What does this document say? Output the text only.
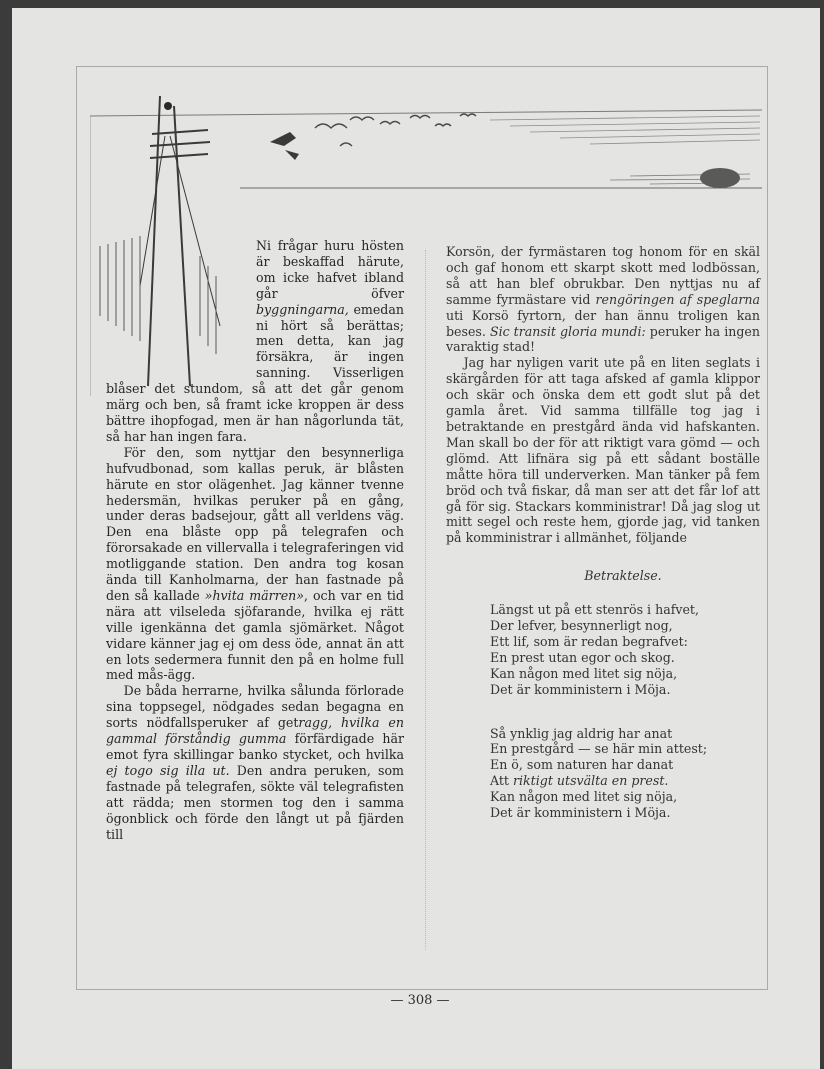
Ni frågar huru hösten är beskaffad härute, om icke hafvet ibland går öfver byggningarna, emedan ni hört så berättas; men detta, kan jag försäkra, är ingen sanning. Visserligen blåser det stundom, så att det går genom märg och ben, så framt icke kroppen är dess bättre ihopfogad, men är han någorlunda tät, så har han ingen fara.

För den, som nyttjar den besynnerliga hufvudbonad, som kallas peruk, är blåsten härute en stor olägenhet. Jag känner tvenne hedersmän, hvilkas peruker på en gång, under deras badsejour, gått all verldens väg. Den ena blåste opp på telegrafen och förorsakade en villervalla i telegraferingen vid motliggande station. Den andra tog kosan ända till Kanholmarna, der han fastnade på den så kallade »hvita märren», och var en tid nära att vilseleda sjöfarande, hvilka ej rätt ville igenkänna det gamla sjömärket. Något vidare känner jag ej om dess öde, annat än att en lots sedermera funnit den på en holme full med mås-ägg.

De båda herrarne, hvilka sålunda förlorade sina toppsegel, nödgades sedan begagna en sorts nödfallsperuker af getragg, hvilka en gammal förståndig gumma förfärdigade här emot fyra skillingar banko stycket, och hvilka ej togo sig illa ut. Den andra peruken, som fastnade på telegrafen, sökte väl telegrafisten att rädda; men stormen tog den i samma ögonblick och förde den långt ut på fjärden till

Korsön, der fyrmästaren tog honom för en skäl och gaf honom ett skarpt skott med lodbössan, så att han blef obrukbar. Den nyttjas nu af samme fyrmästare vid rengöringen af speglarna uti Korsö fyrtorn, der han ännu troligen kan beses. Sic transit gloria mundi: peruker ha ingen varaktig stad!

Jag har nyligen varit ute på en liten seglats i skärgården för att taga afsked af gamla klippor och skär och önska dem ett godt slut på det gamla året. Vid samma tillfälle tog jag i betraktande en prestgård ända vid hafskanten. Man skall bo der för att riktigt vara gömd — och glömd. Att lifnära sig på ett sådant boställe måtte höra till underverken. Man tänker på fem bröd och två fiskar, då man ser att det får lof att gå för sig. Stackars komministrar! Då jag slog ut mitt segel och reste hem, gjorde jag, vid tanken på komministrar i allmänhet, följande

Betraktelse.

Längst ut på ett stenrös i hafvet,
Der lefver, besynnerligt nog,
Ett lif, som är redan begrafvet:
En prest utan egor och skog.
Kan någon med litet sig nöja,
Det är komministern i Möja.
Så ynklig jag aldrig har anat
En prestgård — se här min attest;
En ö, som naturen har danat
Att riktigt utsvälta en prest.
Kan någon med litet sig nöja,
Det är komministern i Möja.
— 308 —
